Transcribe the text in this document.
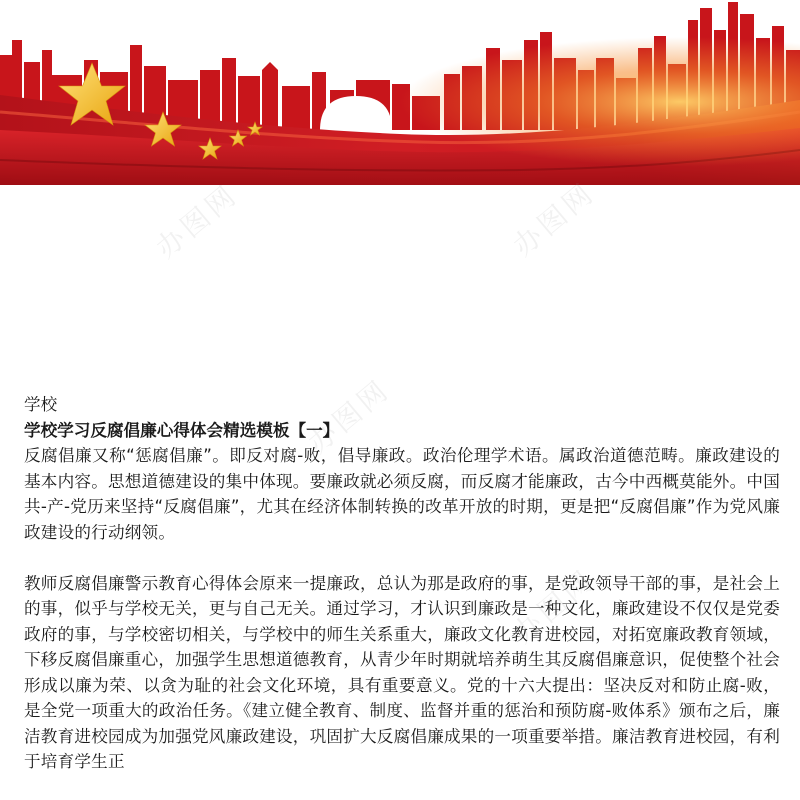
办图网	办图网
办图网
办图网

学校

学校学习反腐倡廉心得体会精选模板【一】

反腐倡廉又称“惩腐倡廉”。即反对腐-败，倡导廉政。政治伦理学术语。属政治道德范畴。廉政建设的基本内容。思想道德建设的集中体现。要廉政就必须反腐，而反腐才能廉政，古今中西概莫能外。中国共-产-党历来坚持“反腐倡廉”，尤其在经济体制转换的改革开放的时期，更是把“反腐倡廉”作为党风廉政建设的行动纲领。

教师反腐倡廉警示教育心得体会原来一提廉政，总认为那是政府的事，是党政领导干部的事，是社会上的事，似乎与学校无关，更与自己无关。通过学习，才认识到廉政是一种文化，廉政建设不仅仅是党委政府的事，与学校密切相关，与学校中的师生关系重大，廉政文化教育进校园，对拓宽廉政教育领域，下移反腐倡廉重心，加强学生思想道德教育，从青少年时期就培养萌生其反腐倡廉意识，促使整个社会形成以廉为荣、以贪为耻的社会文化环境，具有重要意义。党的十六大提出：坚决反对和防止腐-败，是全党一项重大的政治任务。《建立健全教育、制度、监督并重的惩治和预防腐-败体系》颁布之后，廉洁教育进校园成为加强党风廉政建设，巩固扩大反腐倡廉成果的一项重要举措。廉洁教育进校园，有利于培育学生正
